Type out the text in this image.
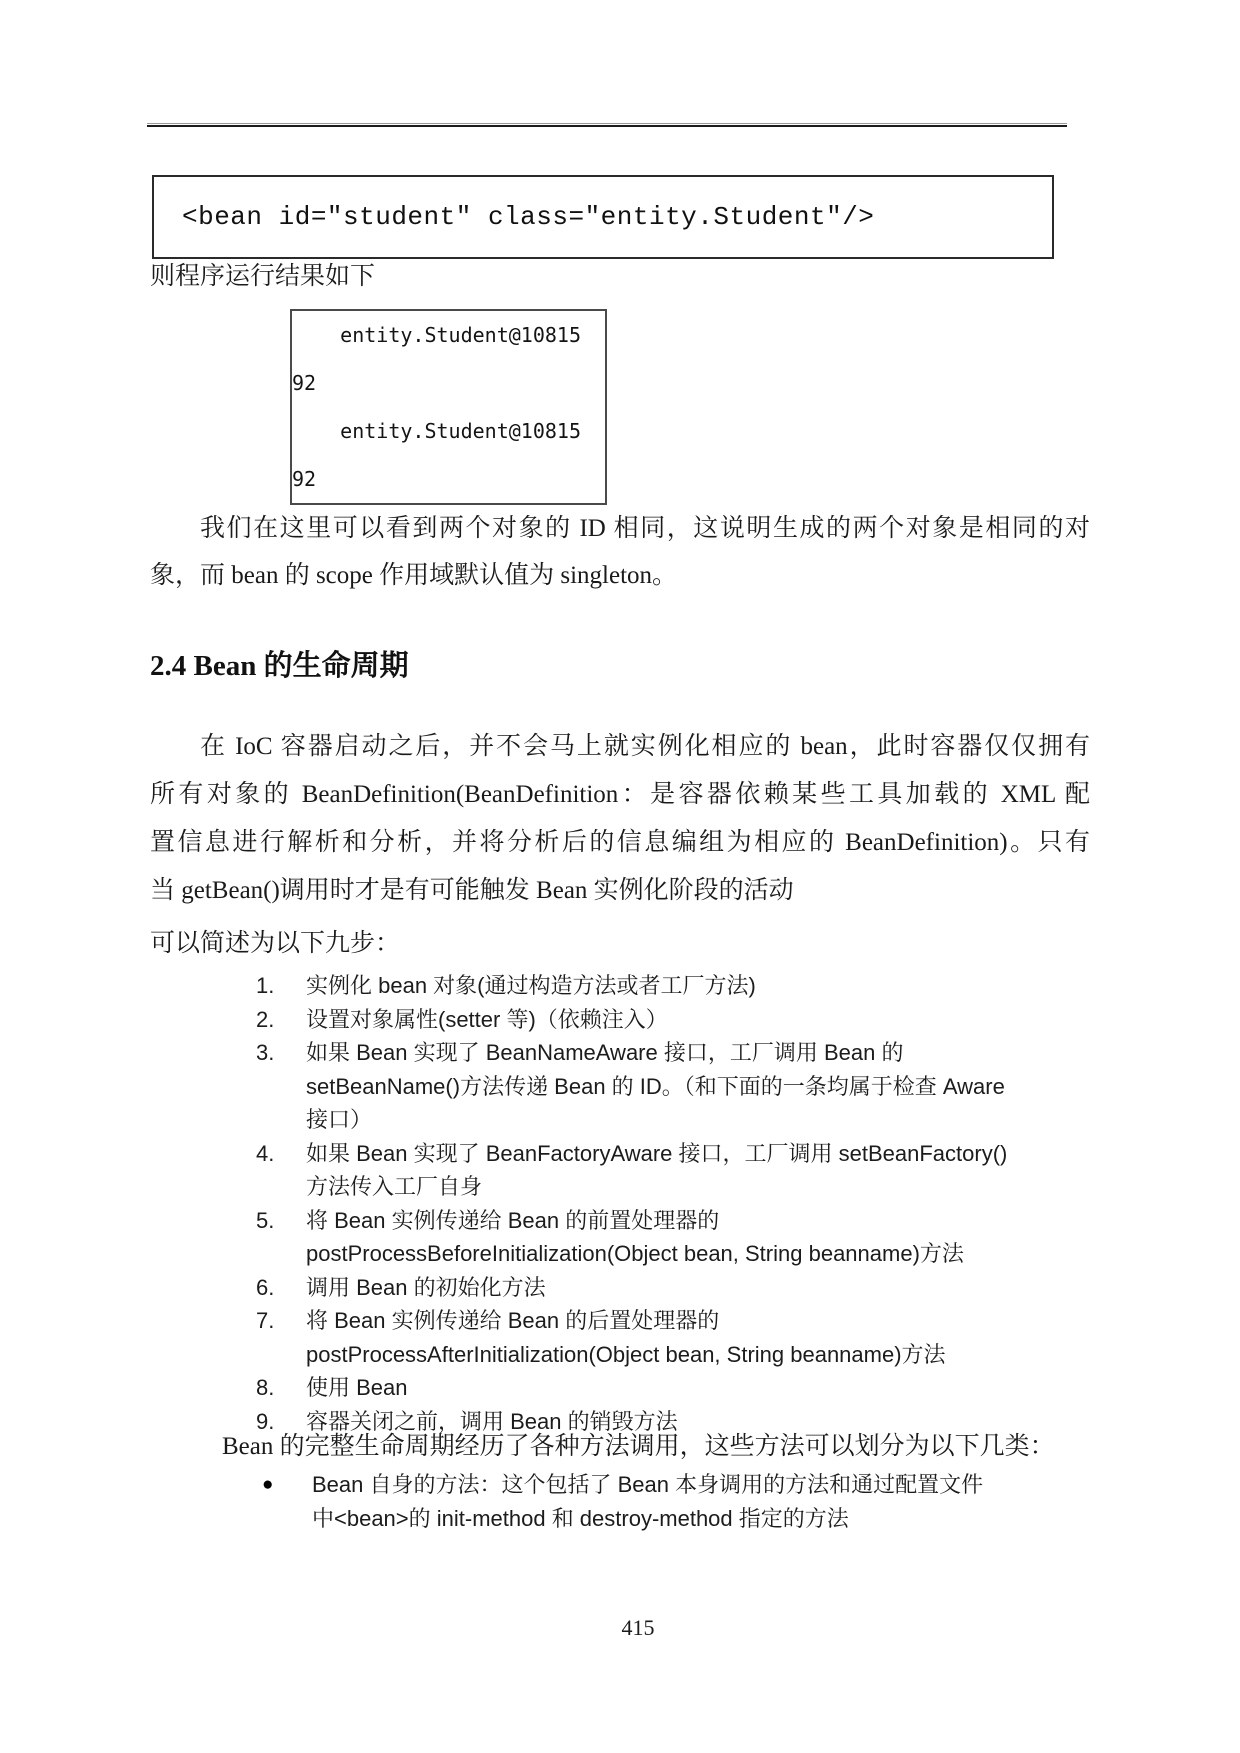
<bean id="student" class="entity.Student"/>
则程序运行结果如下
entity.Student@10815
92
entity.Student@10815
92
我们在这里可以看到两个对象的 ID 相同，这说明生成的两个对象是相同的对
象，而 bean 的 scope 作用域默认值为 singleton。
2.4 Bean 的生命周期
在 IoC 容器启动之后，并不会马上就实例化相应的 bean，此时容器仅仅拥有
所有对象的 BeanDefinition(BeanDefinition：是容器依赖某些工具加载的 XML 配
置信息进行解析和分析，并将分析后的信息编组为相应的 BeanDefinition)。只有
当 getBean()调用时才是有可能触发 Bean 实例化阶段的活动
可以简述为以下九步：
1.	实例化 bean 对象(通过构造方法或者工厂方法)
2.	设置对象属性(setter 等)（依赖注入）
3.	如果 Bean 实现了 BeanNameAware 接口，工厂调用 Bean 的
setBeanName()方法传递 Bean 的 ID。（和下面的一条均属于检查 Aware
接口）
4.	如果 Bean 实现了 BeanFactoryAware 接口，工厂调用 setBeanFactory()
方法传入工厂自身
5.	将 Bean 实例传递给 Bean 的前置处理器的
postProcessBeforeInitialization(Object bean, String beanname)方法
6.	调用 Bean 的初始化方法
7.	将 Bean 实例传递给 Bean 的后置处理器的
postProcessAfterInitialization(Object bean, String beanname)方法
8.	使用 Bean
9.	容器关闭之前，调用 Bean 的销毁方法
Bean 的完整生命周期经历了各种方法调用，这些方法可以划分为以下几类：
●	Bean 自身的方法：这个包括了 Bean 本身调用的方法和通过配置文件
中<bean>的 init-method 和 destroy-method 指定的方法
415
